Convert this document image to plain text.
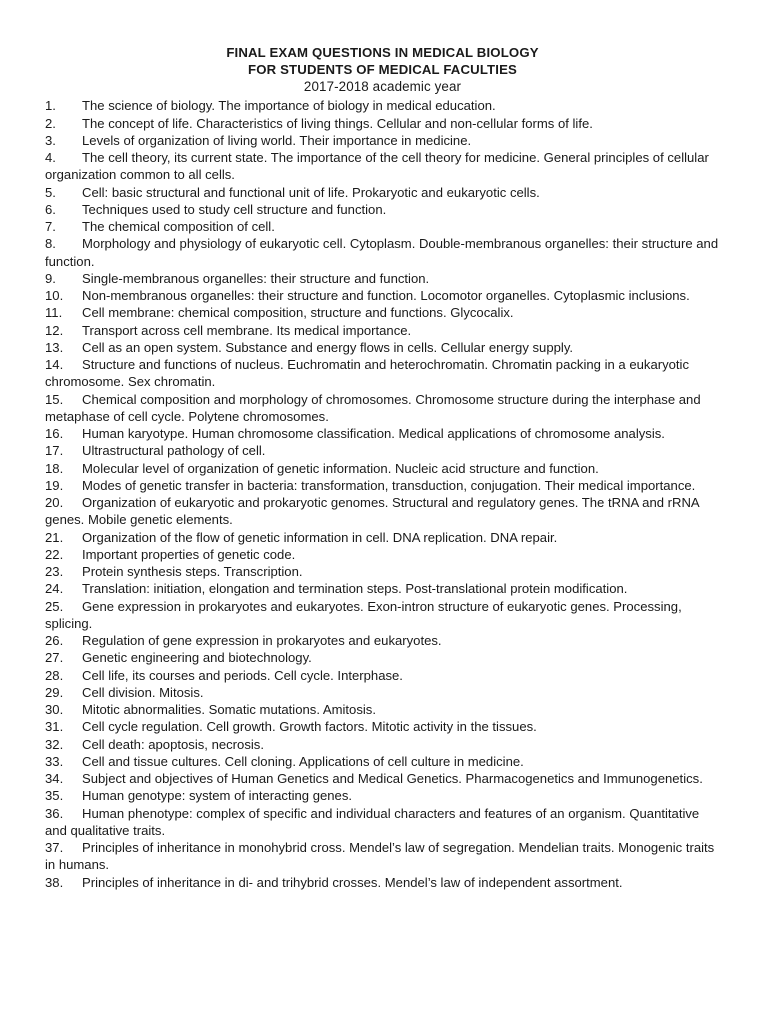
FINAL EXAM QUESTIONS IN MEDICAL BIOLOGY
FOR STUDENTS OF MEDICAL FACULTIES
2017-2018 academic year
1. The science of biology. The importance of biology in medical education.
2. The concept of life. Characteristics of living things. Cellular and non-cellular forms of life.
3. Levels of organization of living world. Their importance in medicine.
4. The cell theory, its current state. The importance of the cell theory for medicine. General principles of cellular organization common to all cells.
5. Cell: basic structural and functional unit of life. Prokaryotic and eukaryotic cells.
6. Techniques used to study cell structure and function.
7. The chemical composition of cell.
8. Morphology and physiology of eukaryotic cell. Cytoplasm. Double-membranous organelles: their structure and function.
9. Single-membranous organelles: their structure and function.
10. Non-membranous organelles: their structure and function. Locomotor organelles. Cytoplasmic inclusions.
11. Cell membrane: chemical composition, structure and functions. Glycocalix.
12. Transport across cell membrane. Its medical importance.
13. Cell as an open system. Substance and energy flows in cells. Cellular energy supply.
14. Structure and functions of nucleus. Euchromatin and heterochromatin. Chromatin packing in a eukaryotic chromosome. Sex chromatin.
15. Chemical composition and morphology of chromosomes. Chromosome structure during the interphase and metaphase of cell cycle. Polytene chromosomes.
16. Human karyotype. Human chromosome classification. Medical applications of chromosome analysis.
17. Ultrastructural pathology of cell.
18. Molecular level of organization of genetic information. Nucleic acid structure and function.
19. Modes of genetic transfer in bacteria: transformation, transduction, conjugation. Their medical importance.
20. Organization of eukaryotic and prokaryotic genomes. Structural and regulatory genes. The tRNA and rRNA genes. Mobile genetic elements.
21. Organization of the flow of genetic information in cell. DNA replication. DNA repair.
22. Important properties of genetic code.
23. Protein synthesis steps. Transcription.
24. Translation: initiation, elongation and termination steps. Post-translational protein modification.
25. Gene expression in prokaryotes and eukaryotes. Exon-intron structure of eukaryotic genes. Processing, splicing.
26. Regulation of gene expression in prokaryotes and eukaryotes.
27. Genetic engineering and biotechnology.
28. Cell life, its courses and periods. Cell cycle. Interphase.
29. Cell division. Mitosis.
30. Mitotic abnormalities. Somatic mutations. Amitosis.
31. Cell cycle regulation. Cell growth. Growth factors. Mitotic activity in the tissues.
32. Cell death: apoptosis, necrosis.
33. Cell and tissue cultures. Cell cloning. Applications of cell culture in medicine.
34. Subject and objectives of Human Genetics and Medical Genetics. Pharmacogenetics and Immunogenetics.
35. Human genotype: system of interacting genes.
36. Human phenotype: complex of specific and individual characters and features of an organism. Quantitative and qualitative traits.
37. Principles of inheritance in monohybrid cross. Mendel’s law of segregation. Mendelian traits. Monogenic traits in humans.
38. Principles of inheritance in di- and trihybrid crosses. Mendel’s law of independent assortment.
